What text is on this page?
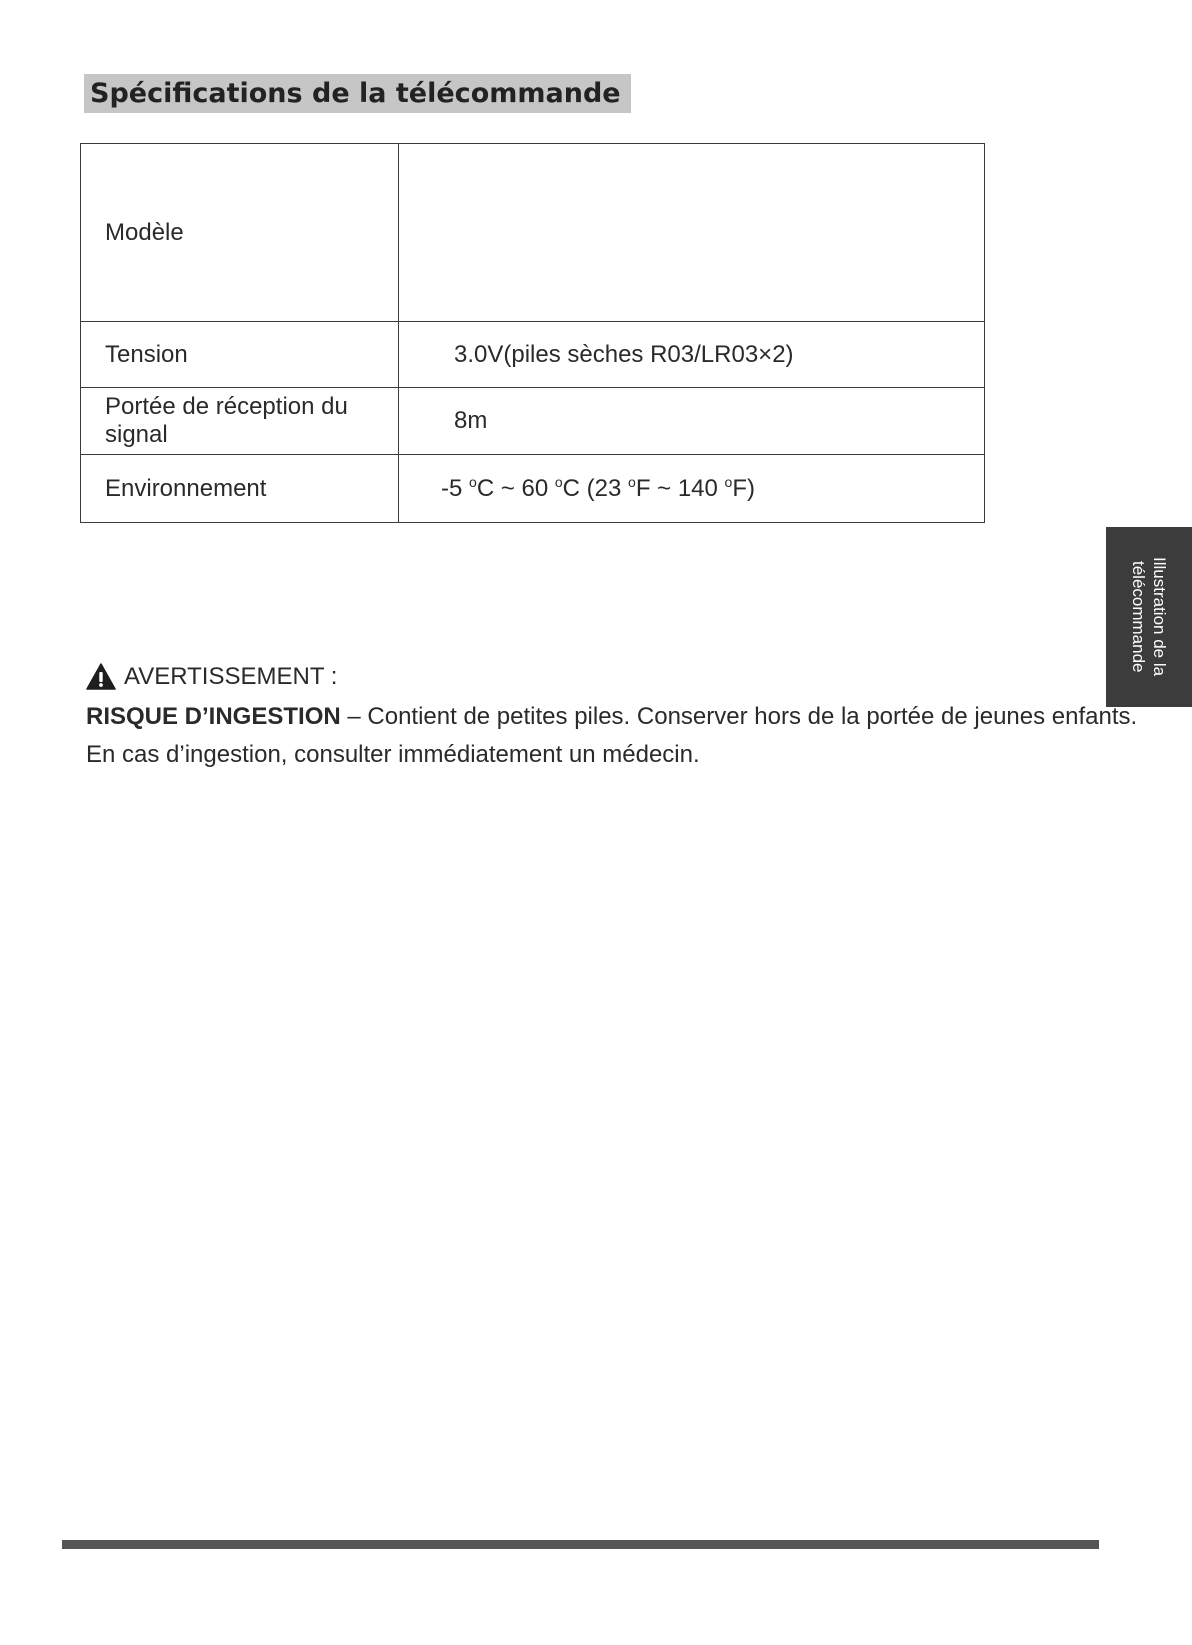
Spécifications de la télécommande
Modèle	
Tension	3.0V(piles sèches R03/LR03×2)
Portée de réception du signal	8m
Environnement	-5 $^o$C ~ 60 $^o$C (23 $^o$F ~ 140 $^o$F)
Illustration de la
télécommande
AVERTISSEMENT :
RISQUE D’INGESTION – Contient de petites piles. Conserver hors de la portée de jeunes enfants.
En cas d’ingestion, consulter immédiatement un médecin.
